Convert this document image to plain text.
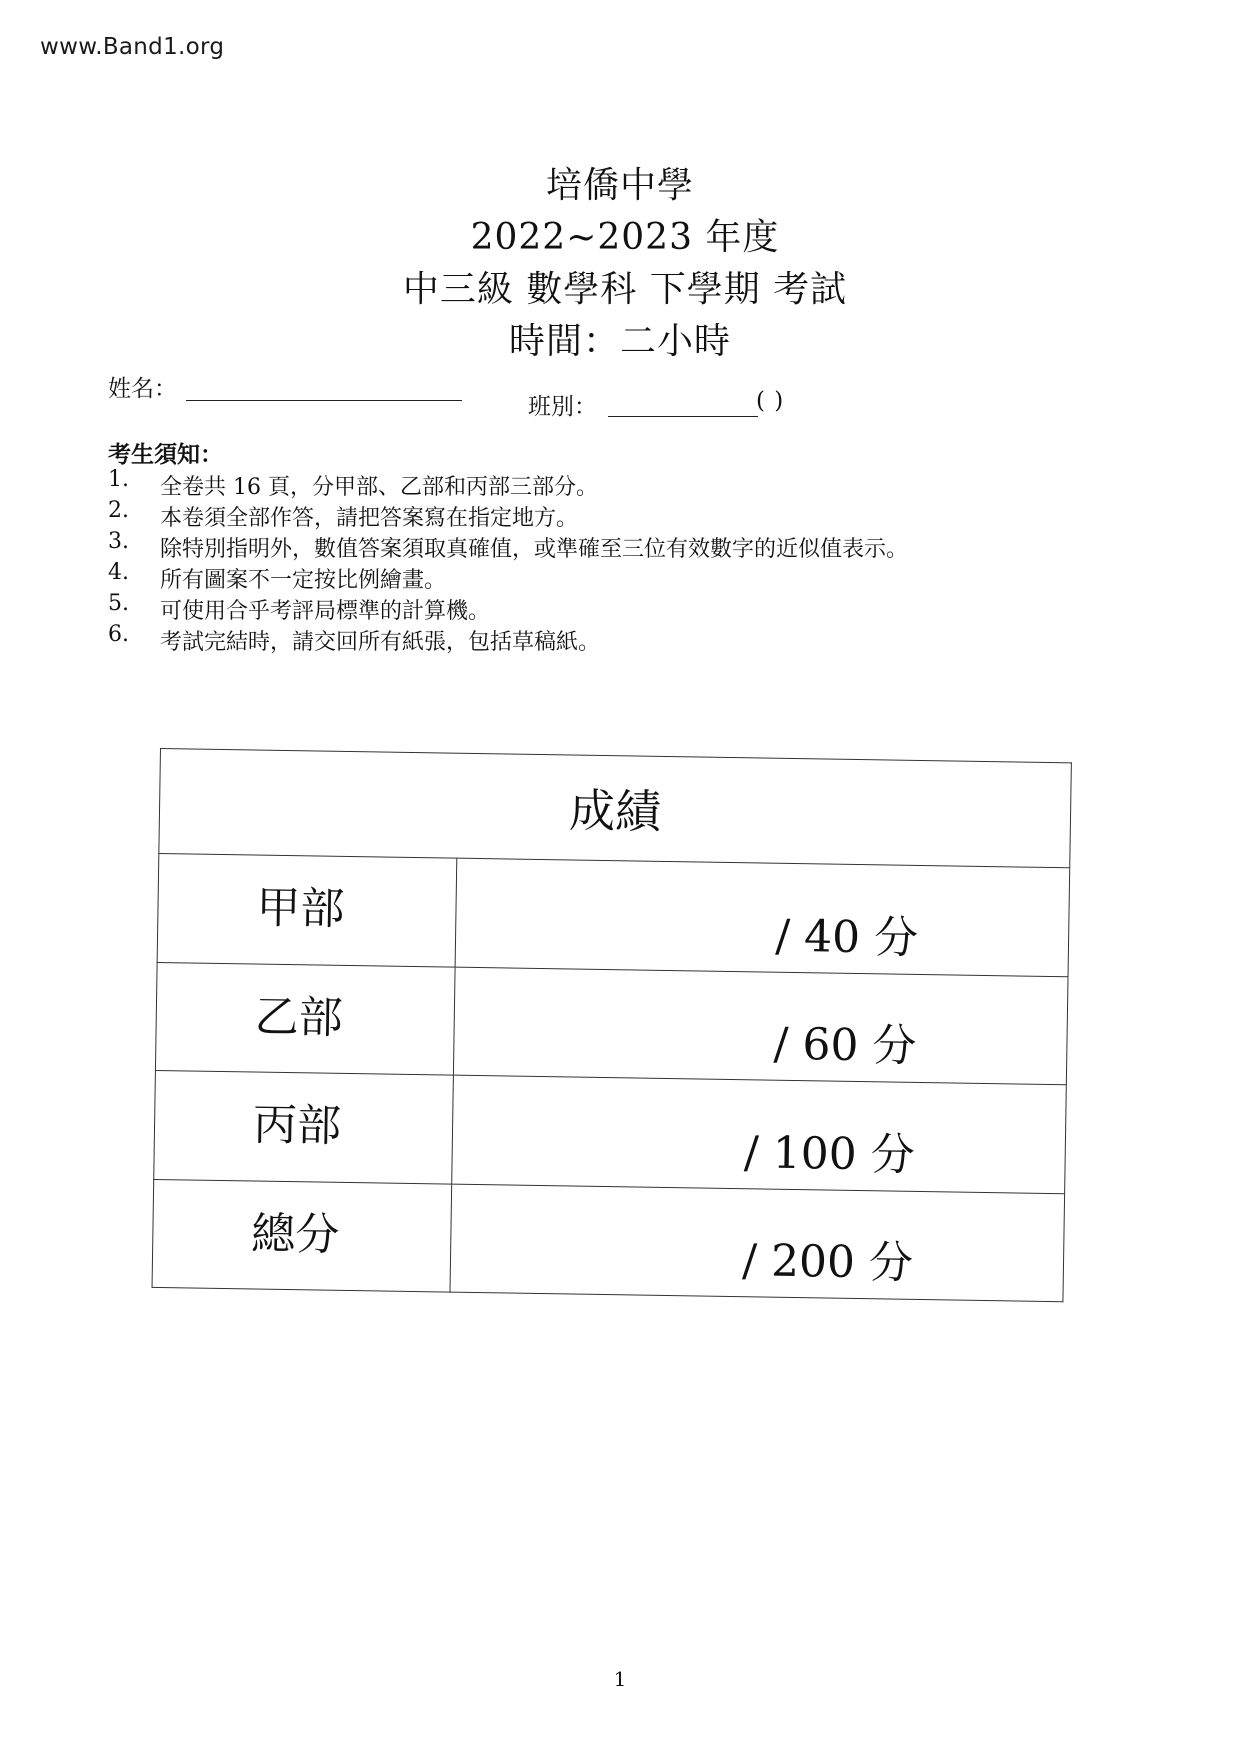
www.Band1.org
培僑中學
2022~2023 年度
中三級 數學科 下學期 考試
時間：二小時
姓名：
班別：	( )
考生須知：
1. 全卷共 16 頁，分甲部、乙部和丙部三部分。
2. 本卷須全部作答，請把答案寫在指定地方。
3. 除特別指明外，數值答案須取真確值，或準確至三位有效數字的近似值表示。
4. 所有圖案不一定按比例繪畫。
5. 可使用合乎考評局標準的計算機。
6. 考試完結時，請交回所有紙張，包括草稿紙。
成績	
甲部	/ 40 分
乙部	/ 60 分
丙部	/ 100 分
總分	/ 200 分
1
